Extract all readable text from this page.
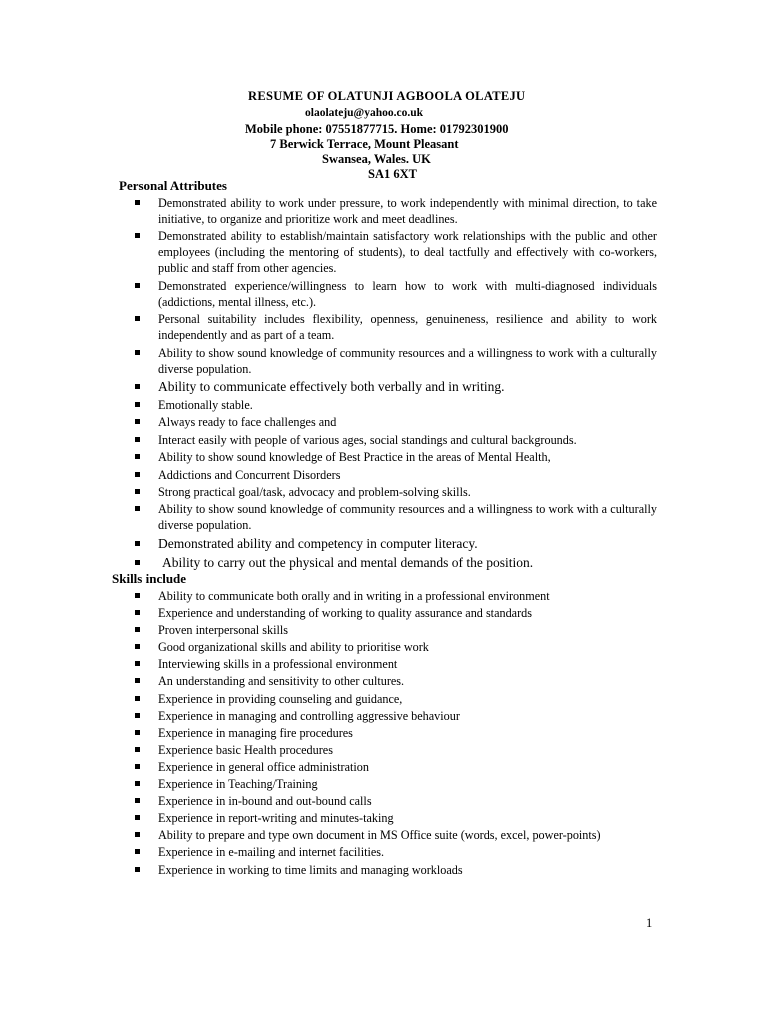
RESUME OF OLATUNJI AGBOOLA OLATEJU
olaolateju@yahoo.co.uk
Mobile phone: 07551877715. Home: 01792301900
7 Berwick Terrace, Mount Pleasant
Swansea, Wales. UK
SA1 6XT
Personal Attributes
Demonstrated ability to work under pressure, to work independently with minimal direction, to take initiative, to organize and prioritize work and meet deadlines.
Demonstrated ability to establish/maintain satisfactory work relationships with the public and other employees (including the mentoring of students), to deal tactfully and effectively with co-workers, public and staff from other agencies.
Demonstrated experience/willingness to learn how to work with multi-diagnosed individuals (addictions, mental illness, etc.).
Personal suitability includes flexibility, openness, genuineness, resilience and ability to work independently and as part of a team.
Ability to show sound knowledge of community resources and a willingness to work with a culturally diverse population.
Ability to communicate effectively both verbally and in writing.
Emotionally stable.
Always ready to face challenges and
Interact easily with people of various ages, social standings and cultural backgrounds.
Ability to show sound knowledge of Best Practice in the areas of Mental Health,
Addictions and Concurrent Disorders
Strong practical goal/task, advocacy and problem-solving skills.
Ability to show sound knowledge of community resources and a willingness to work with a culturally diverse population.
Demonstrated ability and competency in computer literacy.
Ability to carry out the physical and mental demands of the position.
Skills include
Ability to communicate both orally and in writing in a professional environment
Experience and understanding of working to quality assurance and standards
Proven interpersonal skills
Good organizational skills and ability to prioritise work
Interviewing skills in a professional environment
An understanding and sensitivity to other cultures.
Experience in providing counseling and guidance,
Experience in managing and controlling aggressive behaviour
Experience in managing fire procedures
Experience basic Health procedures
Experience in general office administration
Experience in Teaching/Training
Experience in in-bound and out-bound calls
Experience in report-writing and minutes-taking
Ability to prepare and type own document in MS Office suite (words, excel, power-points)
Experience in e-mailing and internet facilities.
Experience in working to time limits and managing workloads
1
